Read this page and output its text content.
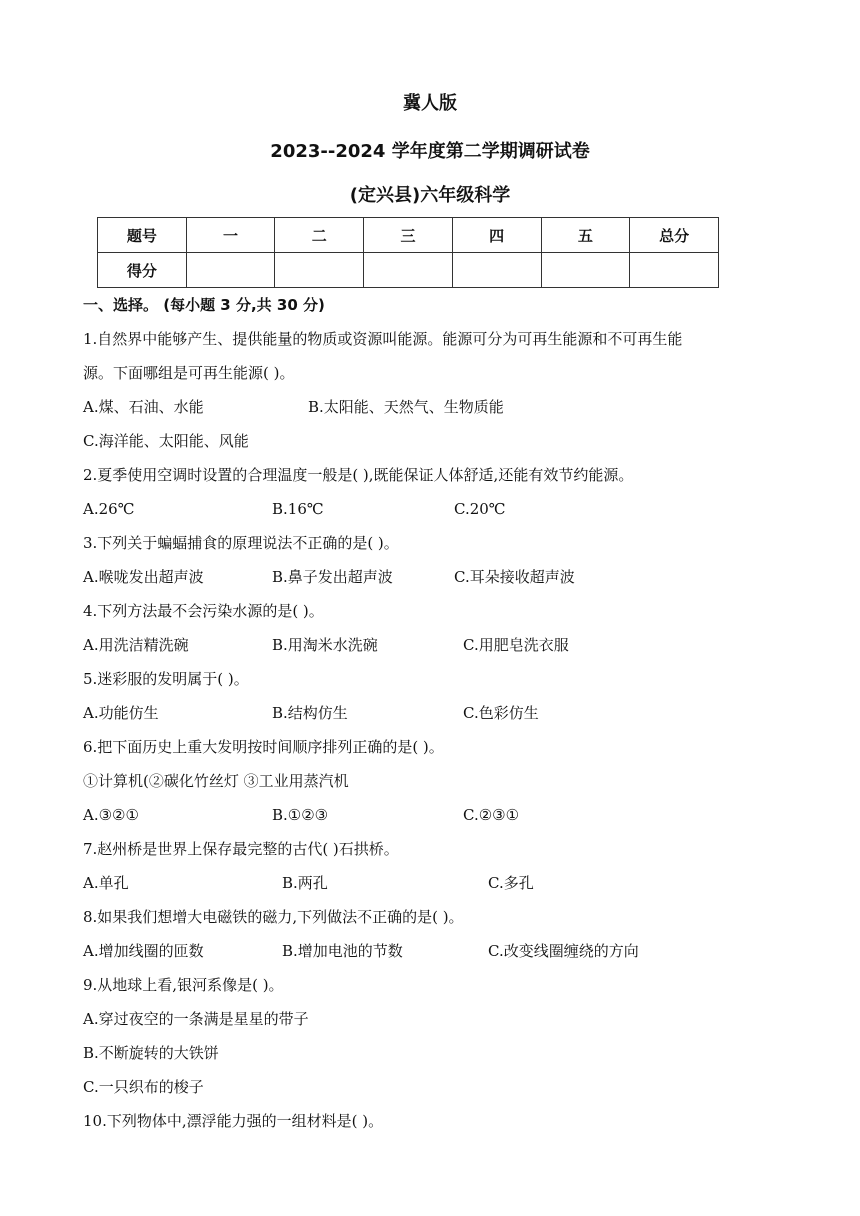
冀人版
2023--2024 学年度第二学期调研试卷
(定兴县)六年级科学
题号	一	二	三	四	五	总分
得分						
一、选择。 (每小题 3 分,共 30 分)
1.自然界中能够产生、提供能量的物质或资源叫能源。能源可分为可再生能源和不可再生能
源。下面哪组是可再生能源( )。
A.煤、石油、水能	B.太阳能、天然气、生物质能
C.海洋能、太阳能、风能
2.夏季使用空调时设置的合理温度一般是( ),既能保证人体舒适,还能有效节约能源。
A.26℃	B.16℃	C.20℃
3.下列关于蝙蝠捕食的原理说法不正确的是( )。
A.喉咙发出超声波	B.鼻子发出超声波	C.耳朵接收超声波
4.下列方法最不会污染水源的是( )。
A.用洗洁精洗碗	B.用淘米水洗碗	C.用肥皂洗衣服
5.迷彩服的发明属于( )。
A.功能仿生	B.结构仿生	C.色彩仿生
6.把下面历史上重大发明按时间顺序排列正确的是( )。
①计算机(②碳化竹丝灯 ③工业用蒸汽机
A.③②①	B.①②③	C.②③①
7.赵州桥是世界上保存最完整的古代( )石拱桥。
A.单孔	B.两孔	C.多孔
8.如果我们想增大电磁铁的磁力,下列做法不正确的是( )。
A.增加线圈的匝数	B.增加电池的节数	C.改变线圈缠绕的方向
9.从地球上看,银河系像是( )。
A.穿过夜空的一条满是星星的带子
B.不断旋转的大铁饼
C.一只织布的梭子
10.下列物体中,漂浮能力强的一组材料是( )。
